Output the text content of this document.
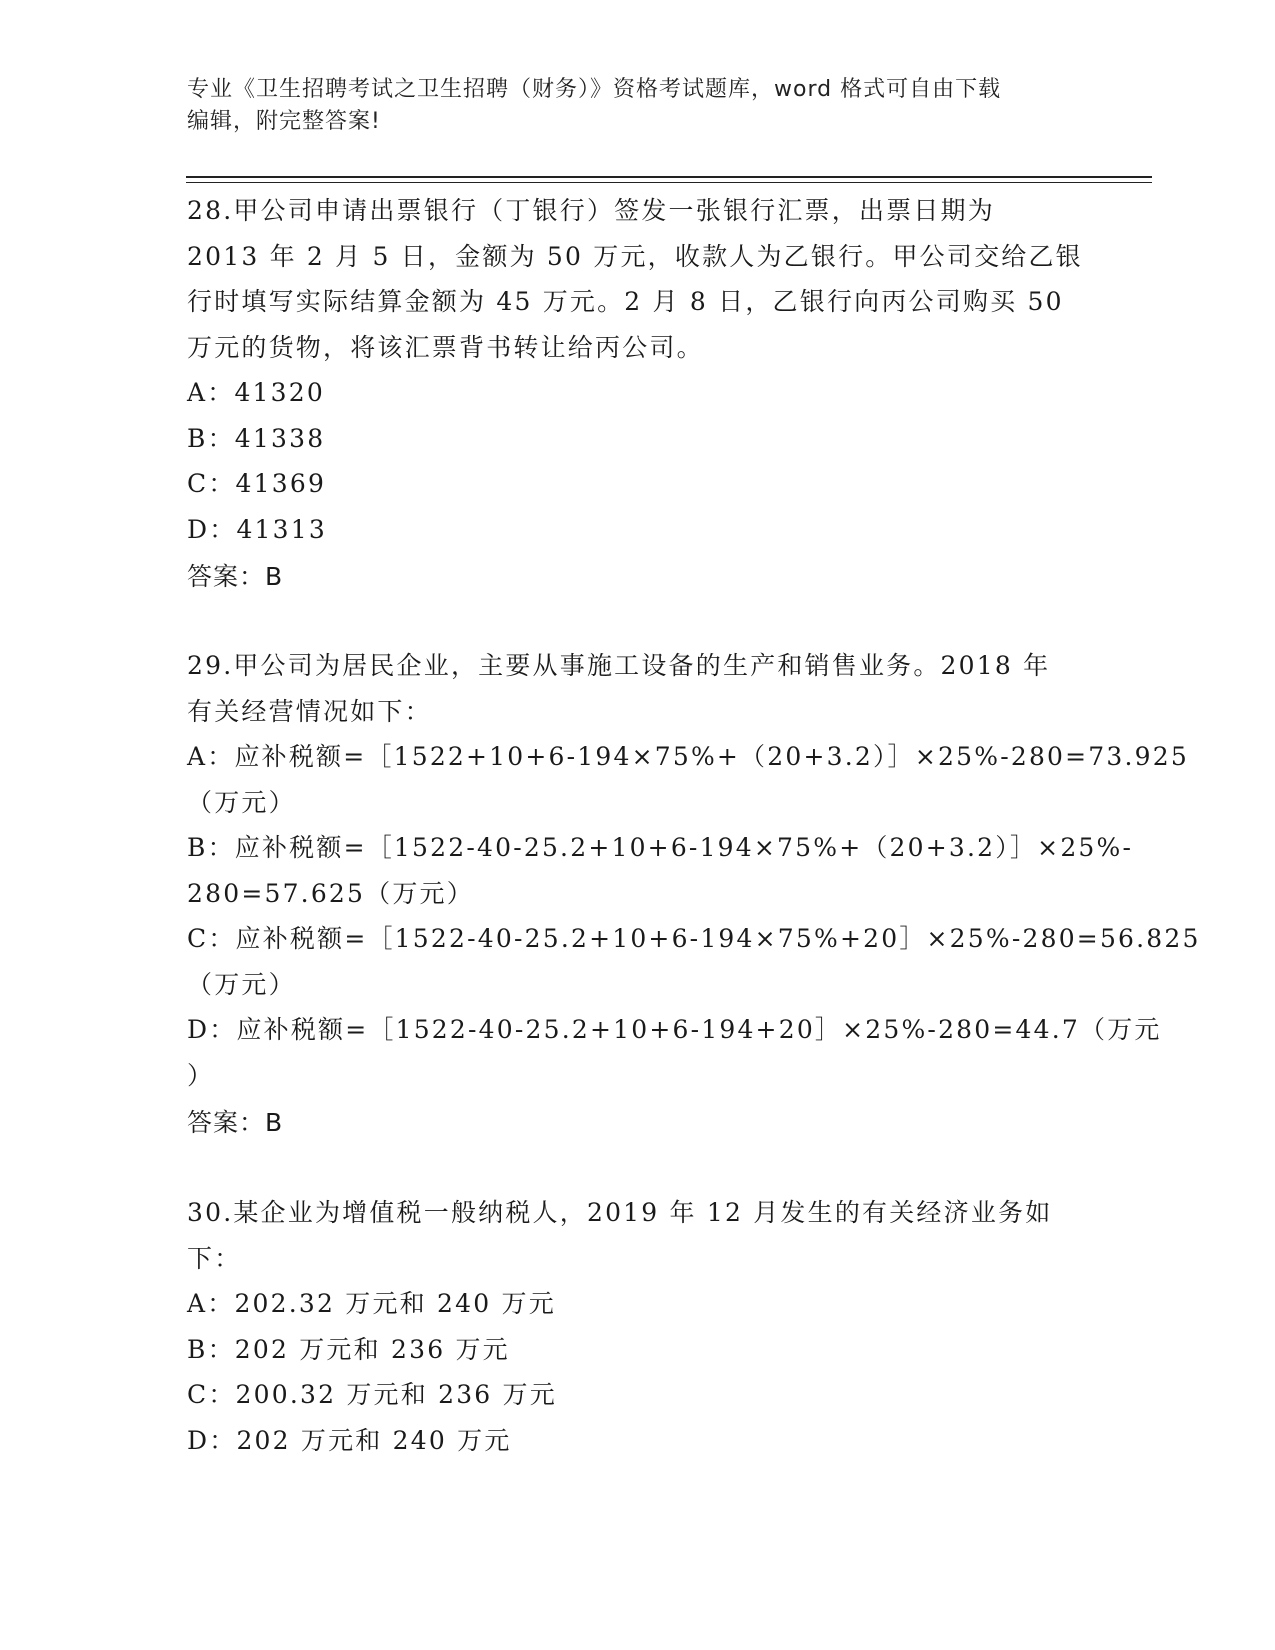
专业《卫生招聘考试之卫生招聘（财务）》资格考试题库，word 格式可自由下载
编辑，附完整答案!
28.甲公司申请出票银行（丁银行）签发一张银行汇票，出票日期为
2013 年 2 月 5 日，金额为 50 万元，收款人为乙银行。甲公司交给乙银
行时填写实际结算金额为 45 万元。2 月 8 日，乙银行向丙公司购买 50
万元的货物，将该汇票背书转让给丙公司。
A：41320
B：41338
C：41369
D：41313
答案：B
29.甲公司为居民企业，主要从事施工设备的生产和销售业务。2018 年
有关经营情况如下：
A：应补税额=［1522+10+6-194×75%+（20+3.2）］×25%-280=73.925
（万元）
B：应补税额=［1522-40-25.2+10+6-194×75%+（20+3.2）］×25%-
280=57.625（万元）
C：应补税额=［1522-40-25.2+10+6-194×75%+20］×25%-280=56.825
（万元）
D：应补税额=［1522-40-25.2+10+6-194+20］×25%-280=44.7（万元
）
答案：B
30.某企业为增值税一般纳税人，2019 年 12 月发生的有关经济业务如
下：
A：202.32 万元和 240 万元
B：202 万元和 236 万元
C：200.32 万元和 236 万元
D：202 万元和 240 万元
